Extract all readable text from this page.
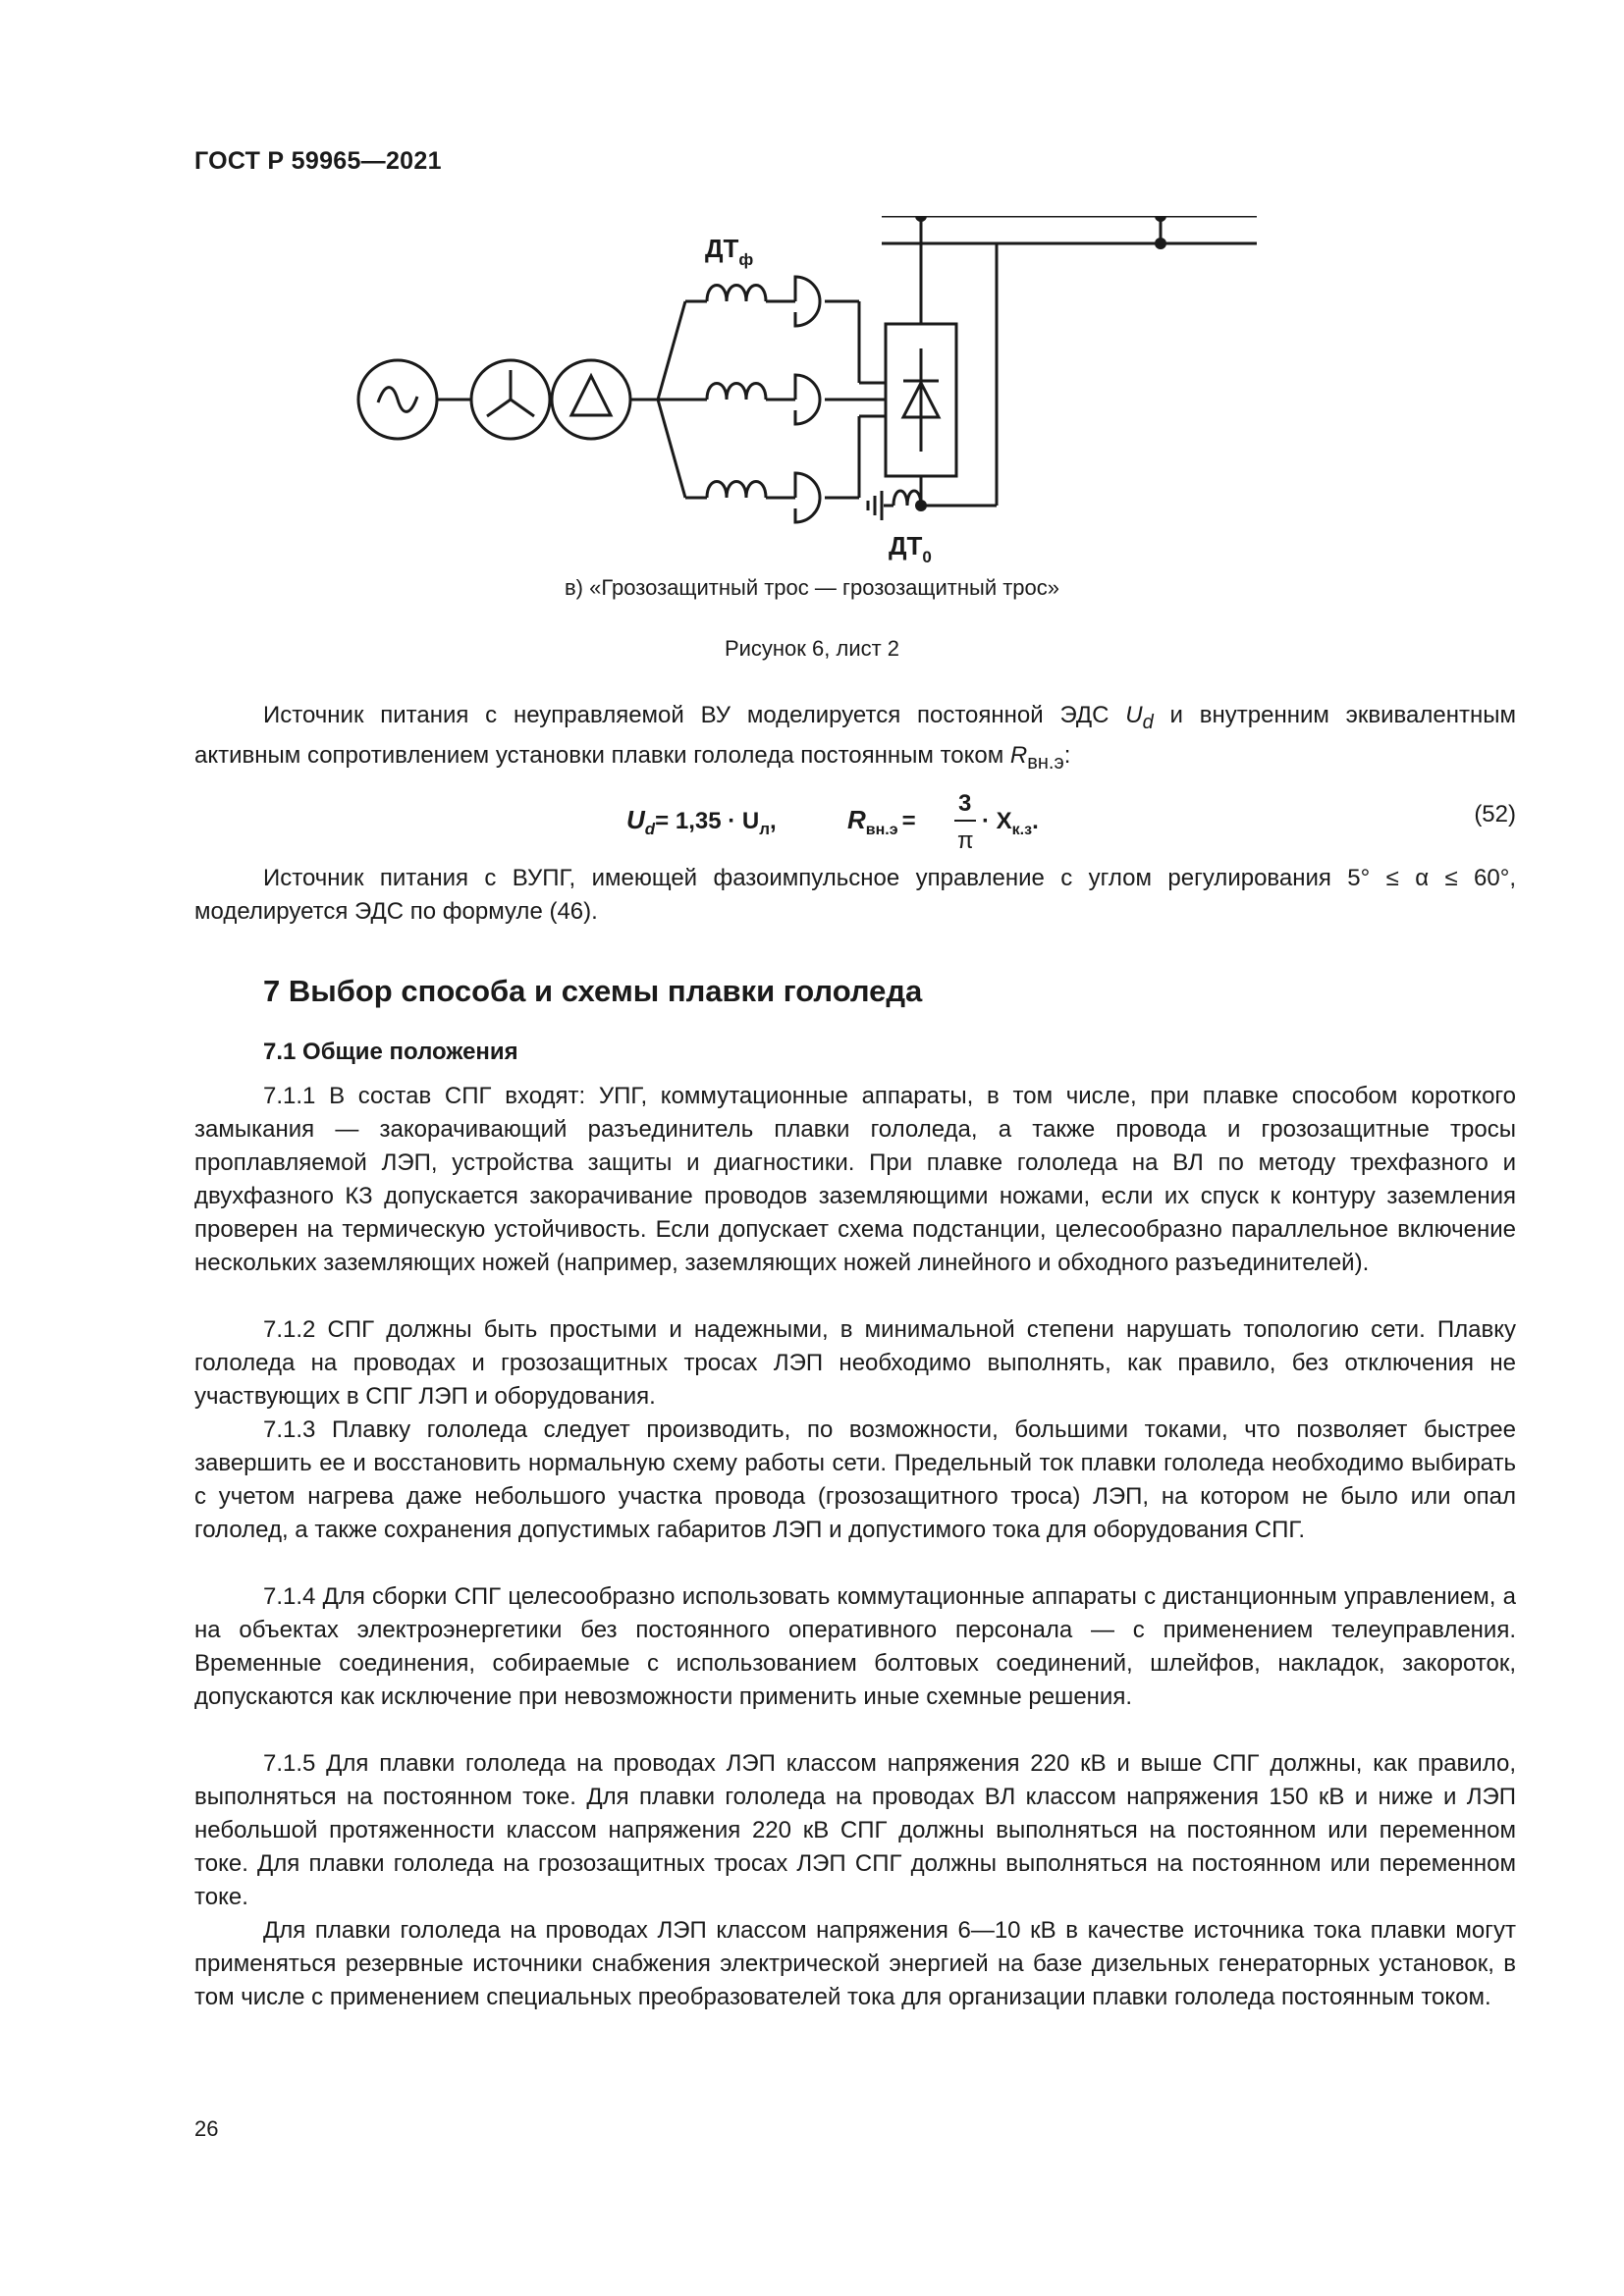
ГОСТ Р 59965—2021
$ДТ_ф$
$ДТ_0$
в) «Грозозащитный трос — грозозащитный трос»
Рисунок 6, лист 2

Источник питания с неуправляемой ВУ моделируется постоянной ЭДС $U_d$ и внутренним эквивалентным активным сопротивлением установки плавки гололеда постоянным током $R_{вн.э}$:

$U_d= 1,35 \cdot U_л$,	$R_{вн.э}$ =
3
π
· $X_{к.з}$.	(52)

Источник питания с ВУПГ, имеющей фазоимпульсное управление с углом регулирования 5° ≤ α ≤ 60°, моделируется ЭДС по формуле (46).

7 Выбор способа и схемы плавки гололеда
7.1 Общие положения

7.1.1 В состав СПГ входят: УПГ, коммутационные аппараты, в том числе, при плавке способом короткого замыкания — закорачивающий разъединитель плавки гололеда, а также провода и грозозащитные тросы проплавляемой ЛЭП, устройства защиты и диагностики. При плавке гололеда на ВЛ по методу трехфазного и двухфазного КЗ допускается закорачивание проводов заземляющими ножами, если их спуск к контуру заземления проверен на термическую устойчивость. Если допускает схема подстанции, целесообразно параллельное включение нескольких заземляющих ножей (например, заземляющих ножей линейного и обходного разъединителей).

7.1.2 СПГ должны быть простыми и надежными, в минимальной степени нарушать топологию сети. Плавку гололеда на проводах и грозозащитных тросах ЛЭП необходимо выполнять, как правило, без отключения не участвующих в СПГ ЛЭП и оборудования.

7.1.3 Плавку гололеда следует производить, по возможности, большими токами, что позволяет быстрее завершить ее и восстановить нормальную схему работы сети. Предельный ток плавки гололеда необходимо выбирать с учетом нагрева даже небольшого участка провода (грозозащитного троса) ЛЭП, на котором не было или опал гололед, а также сохранения допустимых габаритов ЛЭП и допустимого тока для оборудования СПГ.

7.1.4 Для сборки СПГ целесообразно использовать коммутационные аппараты с дистанционным управлением, а на объектах электроэнергетики без постоянного оперативного персонала — с применением телеуправления. Временные соединения, собираемые с использованием болтовых соединений, шлейфов, накладок, закороток, допускаются как исключение при невозможности применить иные схемные решения.

7.1.5 Для плавки гололеда на проводах ЛЭП классом напряжения 220 кВ и выше СПГ должны, как правило, выполняться на постоянном токе. Для плавки гололеда на проводах ВЛ классом напряжения 150 кВ и ниже и ЛЭП небольшой протяженности классом напряжения 220 кВ СПГ должны выполняться на постоянном или переменном токе. Для плавки гололеда на грозозащитных тросах ЛЭП СПГ должны выполняться на постоянном или переменном токе.

Для плавки гололеда на проводах ЛЭП классом напряжения 6—10 кВ в качестве источника тока плавки могут применяться резервные источники снабжения электрической энергией на базе дизельных генераторных установок, в том числе с применением специальных преобразователей тока для организации плавки гололеда постоянным током.

26
